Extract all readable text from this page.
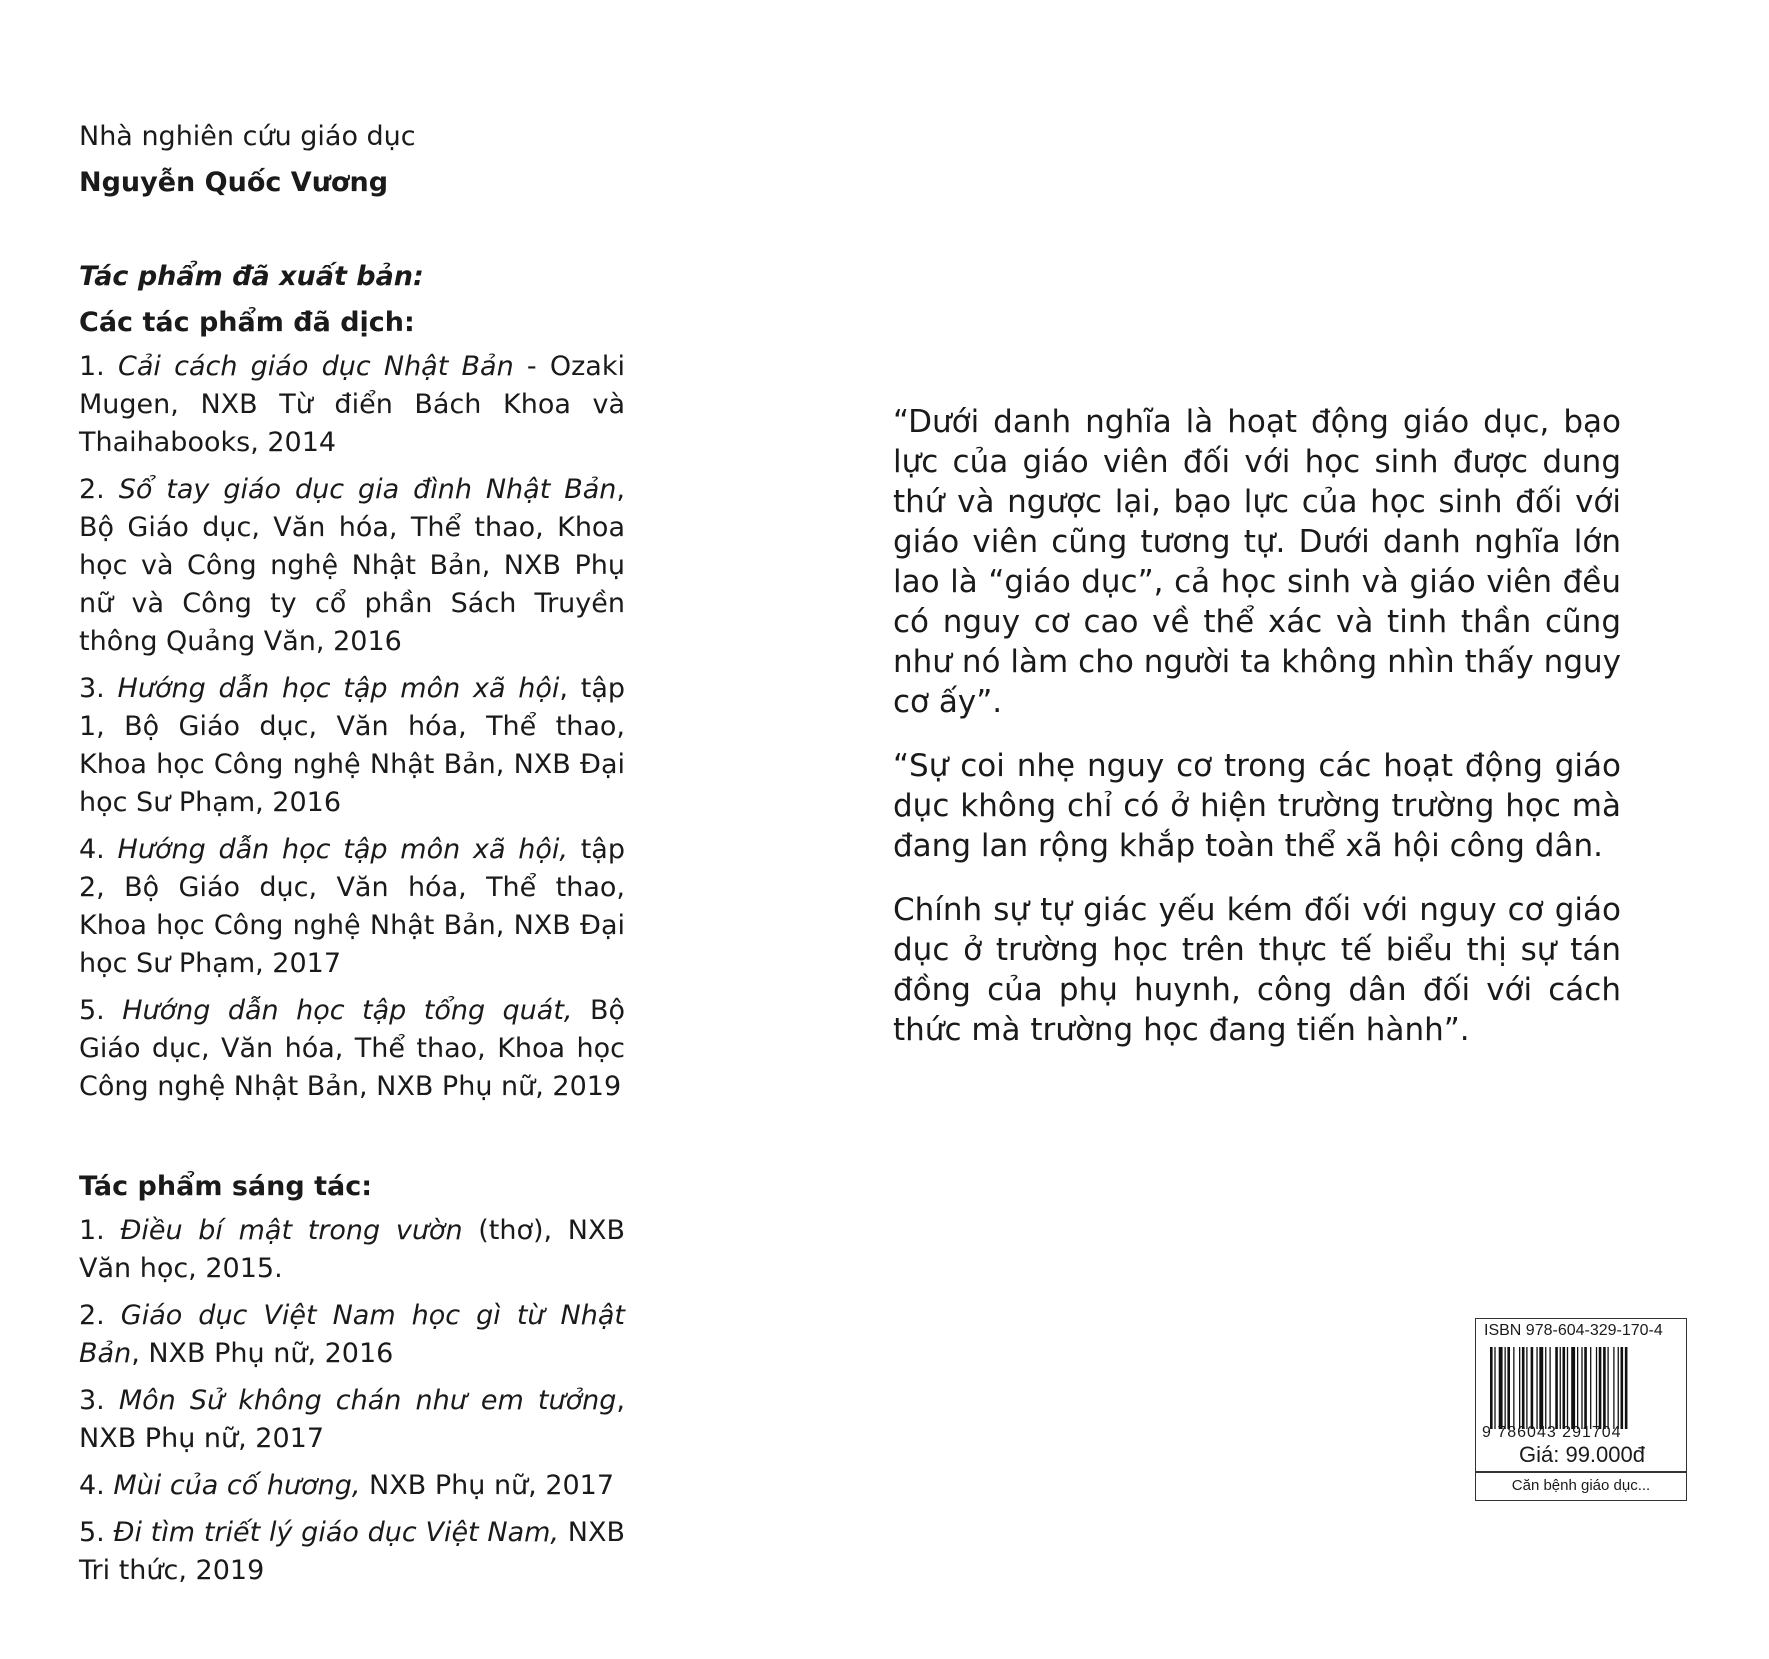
Nhà nghiên cứu giáo dục

Nguyễn Quốc Vương

Tác phẩm đã xuất bản:

Các tác phẩm đã dịch:

1. Cải cách giáo dục Nhật Bản - Ozaki Mugen, NXB Từ điển Bách Khoa và Thaihabooks, 2014

2. Sổ tay giáo dục gia đình Nhật Bản, Bộ Giáo dục, Văn hóa, Thể thao, Khoa học và Công nghệ Nhật Bản, NXB Phụ nữ và Công ty cổ phần Sách Truyền thông Quảng Văn, 2016

3. Hướng dẫn học tập môn xã hội, tập 1, Bộ Giáo dục, Văn hóa, Thể thao, Khoa học Công nghệ Nhật Bản, NXB Đại học Sư Phạm, 2016

4. Hướng dẫn học tập môn xã hội, tập 2, Bộ Giáo dục, Văn hóa, Thể thao, Khoa học Công nghệ Nhật Bản, NXB Đại học Sư Phạm, 2017

5. Hướng dẫn học tập tổng quát, Bộ Giáo dục, Văn hóa, Thể thao, Khoa học Công nghệ Nhật Bản, NXB Phụ nữ, 2019

Tác phẩm sáng tác:

1. Điều bí mật trong vườn (thơ), NXB Văn học, 2015.

2. Giáo dục Việt Nam học gì từ Nhật Bản, NXB Phụ nữ, 2016

3. Môn Sử không chán như em tưởng, NXB Phụ nữ, 2017

4. Mùi của cố hương, NXB Phụ nữ, 2017

5. Đi tìm triết lý giáo dục Việt Nam, NXB Tri thức, 2019

“Dưới danh nghĩa là hoạt động giáo dục, bạo lực của giáo viên đối với học sinh được dung thứ và ngược lại, bạo lực của học sinh đối với giáo viên cũng tương tự. Dưới danh nghĩa lớn lao là “giáo dục”, cả học sinh và giáo viên đều có nguy cơ cao về thể xác và tinh thần cũng như nó làm cho người ta không nhìn thấy nguy cơ ấy”.

“Sự coi nhẹ nguy cơ trong các hoạt động giáo dục không chỉ có ở hiện trường trường học mà đang lan rộng khắp toàn thể xã hội công dân.

Chính sự tự giác yếu kém đối với nguy cơ giáo dục ở trường học trên thực tế biểu thị sự tán đồng của phụ huynh, công dân đối với cách thức mà trường học đang tiến hành”.

ISBN 978-604-329-170-4
9 786043 291704
Giá: 99.000đ
Căn bệnh giáo dục...
